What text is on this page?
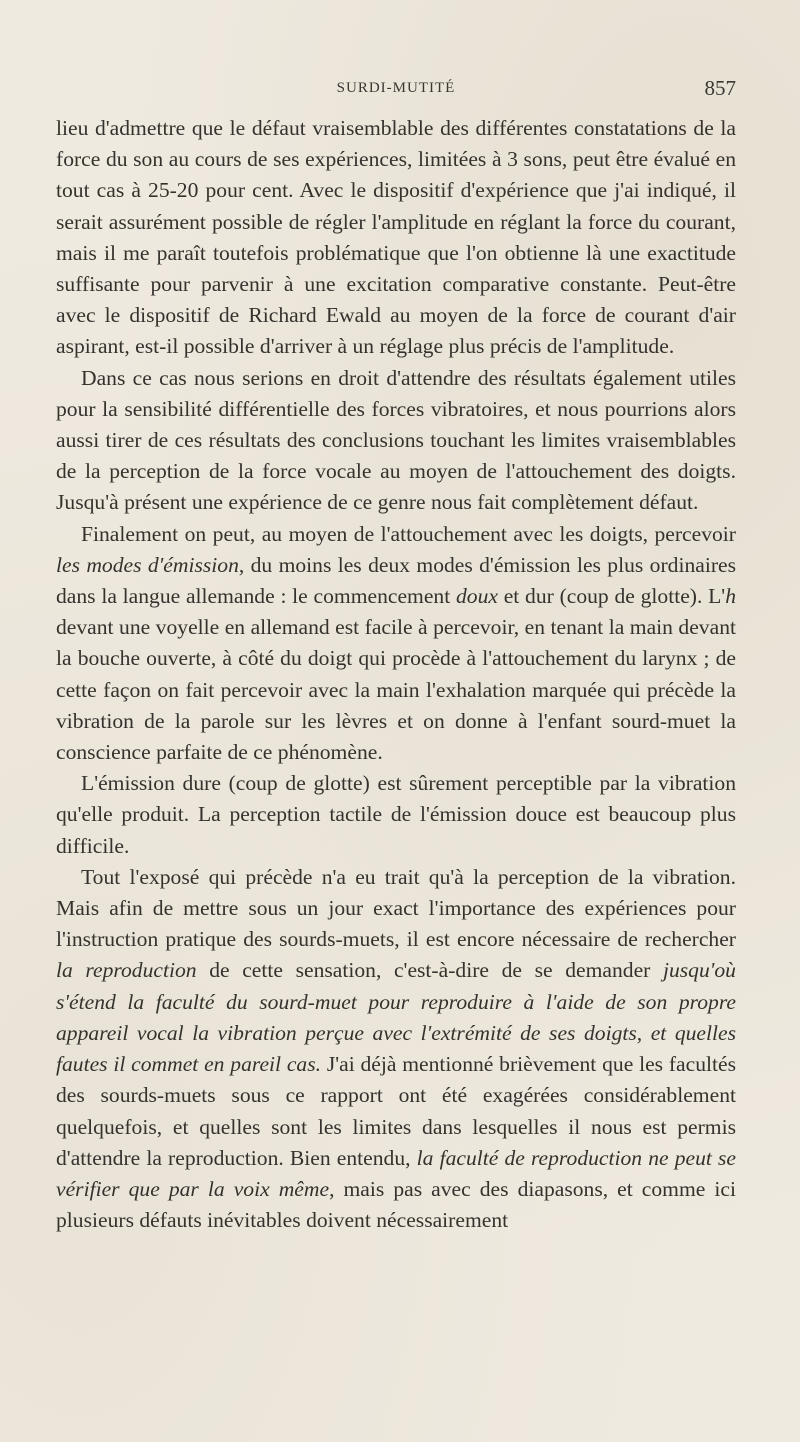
SURDI-MUTITÉ	857

lieu d'admettre que le défaut vraisemblable des différentes constatations de la force du son au cours de ses expériences, limitées à 3 sons, peut être évalué en tout cas à 25-20 pour cent. Avec le dispositif d'expérience que j'ai indiqué, il serait assurément possible de régler l'amplitude en réglant la force du courant, mais il me paraît toutefois problématique que l'on obtienne là une exactitude suffisante pour parvenir à une excitation comparative constante. Peut-être avec le dispositif de Richard Ewald au moyen de la force de courant d'air aspirant, est-il possible d'arriver à un réglage plus précis de l'amplitude.

Dans ce cas nous serions en droit d'attendre des résultats également utiles pour la sensibilité différentielle des forces vibratoires, et nous pourrions alors aussi tirer de ces résultats des conclusions touchant les limites vraisemblables de la perception de la force vocale au moyen de l'attouchement des doigts. Jusqu'à présent une expérience de ce genre nous fait complètement défaut.

Finalement on peut, au moyen de l'attouchement avec les doigts, percevoir les modes d'émission, du moins les deux modes d'émission les plus ordinaires dans la langue allemande : le commencement doux et dur (coup de glotte). L'h devant une voyelle en allemand est facile à percevoir, en tenant la main devant la bouche ouverte, à côté du doigt qui procède à l'attouchement du larynx ; de cette façon on fait percevoir avec la main l'exhalation marquée qui précède la vibration de la parole sur les lèvres et on donne à l'enfant sourd-muet la conscience parfaite de ce phénomène.

L'émission dure (coup de glotte) est sûrement perceptible par la vibration qu'elle produit. La perception tactile de l'émission douce est beaucoup plus difficile.

Tout l'exposé qui précède n'a eu trait qu'à la perception de la vibration. Mais afin de mettre sous un jour exact l'importance des expériences pour l'instruction pratique des sourds-muets, il est encore nécessaire de rechercher la reproduction de cette sensation, c'est-à-dire de se demander jusqu'où s'étend la faculté du sourd-muet pour reproduire à l'aide de son propre appareil vocal la vibration perçue avec l'extrémité de ses doigts, et quelles fautes il commet en pareil cas. J'ai déjà mentionné brièvement que les facultés des sourds-muets sous ce rapport ont été exagérées considérablement quelquefois, et quelles sont les limites dans lesquelles il nous est permis d'attendre la reproduction. Bien entendu, la faculté de reproduction ne peut se vérifier que par la voix même, mais pas avec des diapasons, et comme ici plusieurs défauts inévitables doivent nécessairement
